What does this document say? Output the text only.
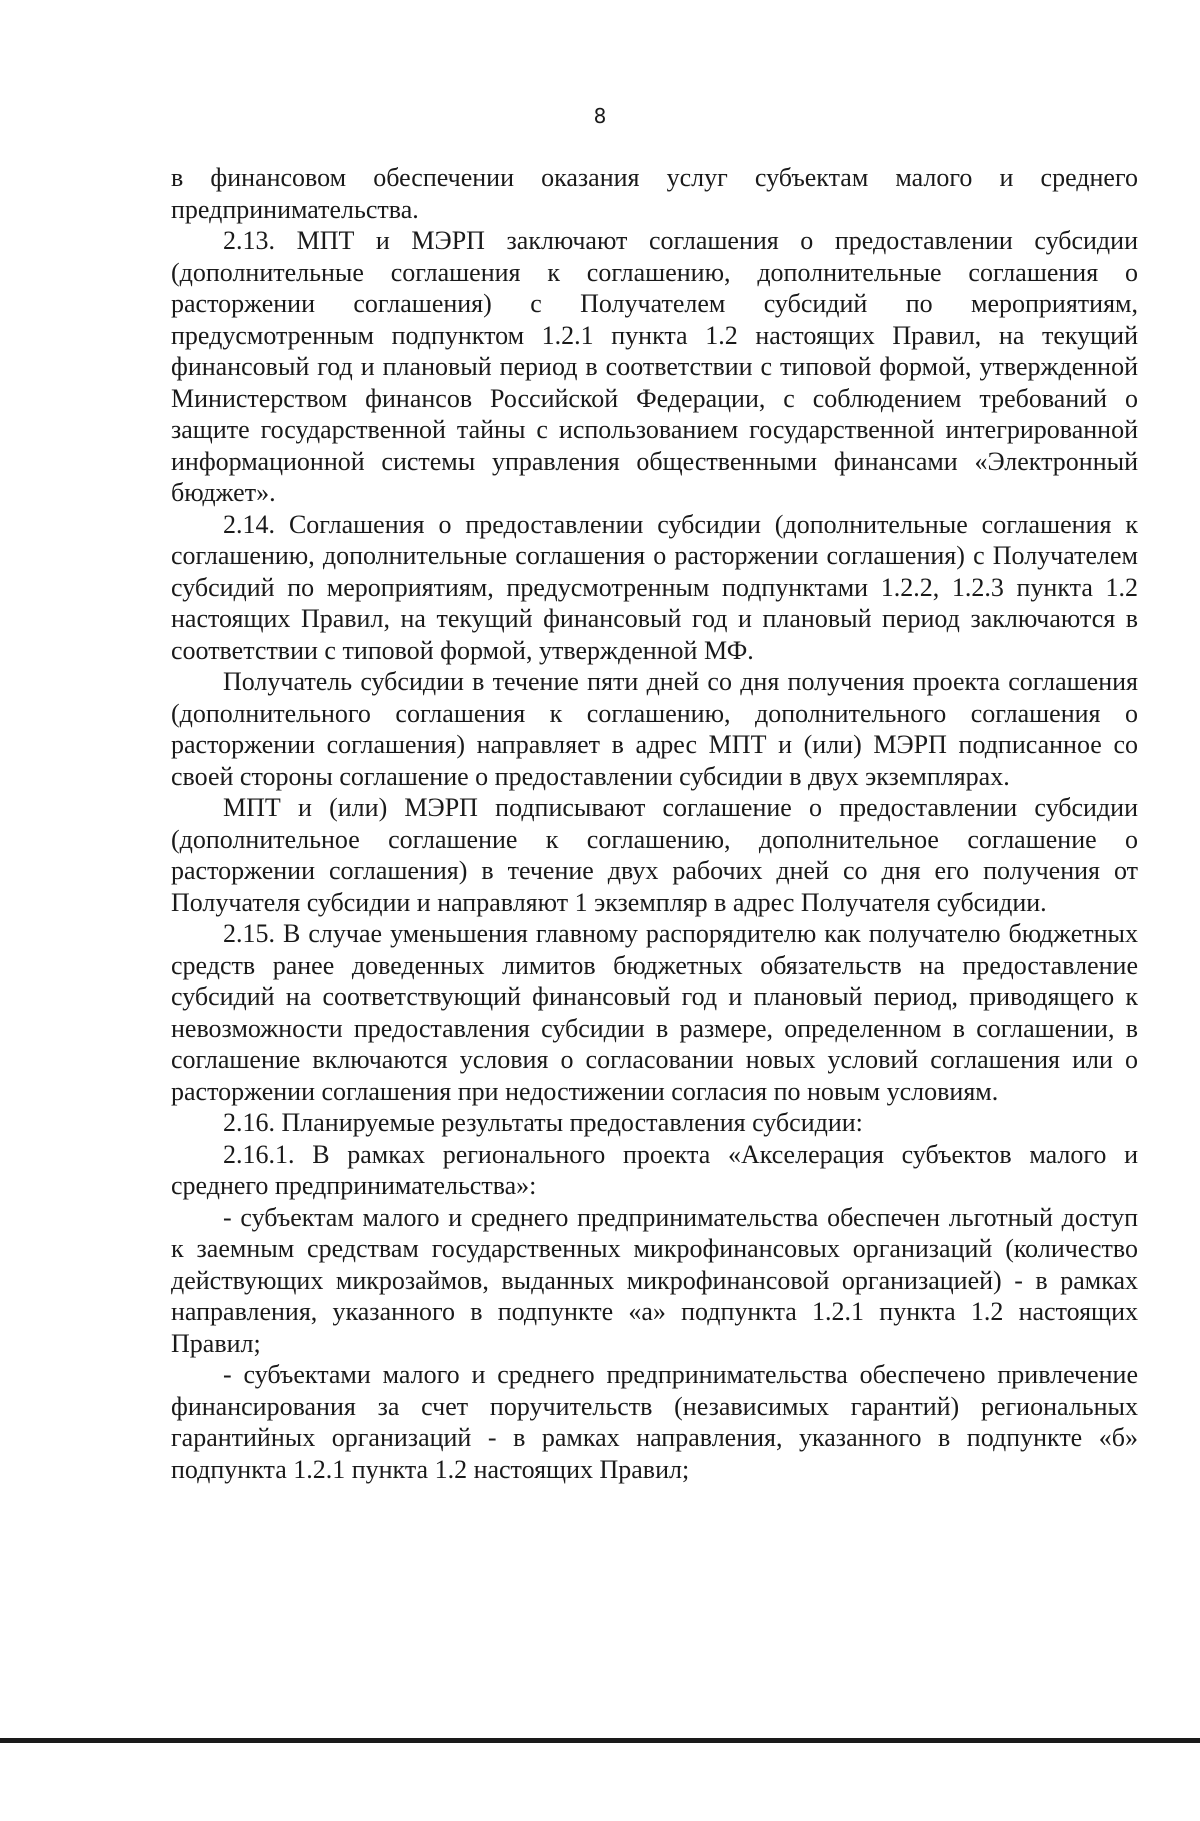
8

в финансовом обеспечении оказания услуг субъектам малого и среднего предпринимательства.

2.13. МПТ и МЭРП заключают соглашения о предоставлении субсидии (дополнительные соглашения к соглашению, дополнительные соглашения о расторжении соглашения) с Получателем субсидий по мероприятиям, предусмотренным подпунктом 1.2.1 пункта 1.2 настоящих Правил, на текущий финансовый год и плановый период в соответствии с типовой формой, утвержденной Министерством финансов Российской Федерации, с соблюдением требований о защите государственной тайны с использованием государственной интегрированной информационной системы управления общественными финансами «Электронный бюджет».

2.14. Соглашения о предоставлении субсидии (дополнительные соглашения к соглашению, дополнительные соглашения о расторжении соглашения) с Получателем субсидий по мероприятиям, предусмотренным подпунктами 1.2.2, 1.2.3 пункта 1.2 настоящих Правил, на текущий финансовый год и плановый период заключаются в соответствии с типовой формой, утвержденной МФ.

Получатель субсидии в течение пяти дней со дня получения проекта соглашения (дополнительного соглашения к соглашению, дополнительного соглашения о расторжении соглашения) направляет в адрес МПТ и (или) МЭРП подписанное со своей стороны соглашение о предоставлении субсидии в двух экземплярах.

МПТ и (или) МЭРП подписывают соглашение о предоставлении субсидии (дополнительное соглашение к соглашению, дополнительное соглашение о расторжении соглашения) в течение двух рабочих дней со дня его получения от Получателя субсидии и направляют 1 экземпляр в адрес Получателя субсидии.

2.15. В случае уменьшения главному распорядителю как получателю бюджетных средств ранее доведенных лимитов бюджетных обязательств на предоставление субсидий на соответствующий финансовый год и плановый период, приводящего к невозможности предоставления субсидии в размере, определенном в соглашении, в соглашение включаются условия о согласовании новых условий соглашения или о расторжении соглашения при недостижении согласия по новым условиям.

2.16. Планируемые результаты предоставления субсидии:

2.16.1. В рамках регионального проекта «Акселерация субъектов малого и среднего предпринимательства»:

- субъектам малого и среднего предпринимательства обеспечен льготный доступ к заемным средствам государственных микрофинансовых организаций (количество действующих микрозаймов, выданных микрофинансовой организацией) - в рамках направления, указанного в подпункте «а» подпункта 1.2.1 пункта 1.2 настоящих Правил;

- субъектами малого и среднего предпринимательства обеспечено привлечение финансирования за счет поручительств (независимых гарантий) региональных гарантийных организаций - в рамках направления, указанного в подпункте «б» подпункта 1.2.1 пункта 1.2 настоящих Правил;
